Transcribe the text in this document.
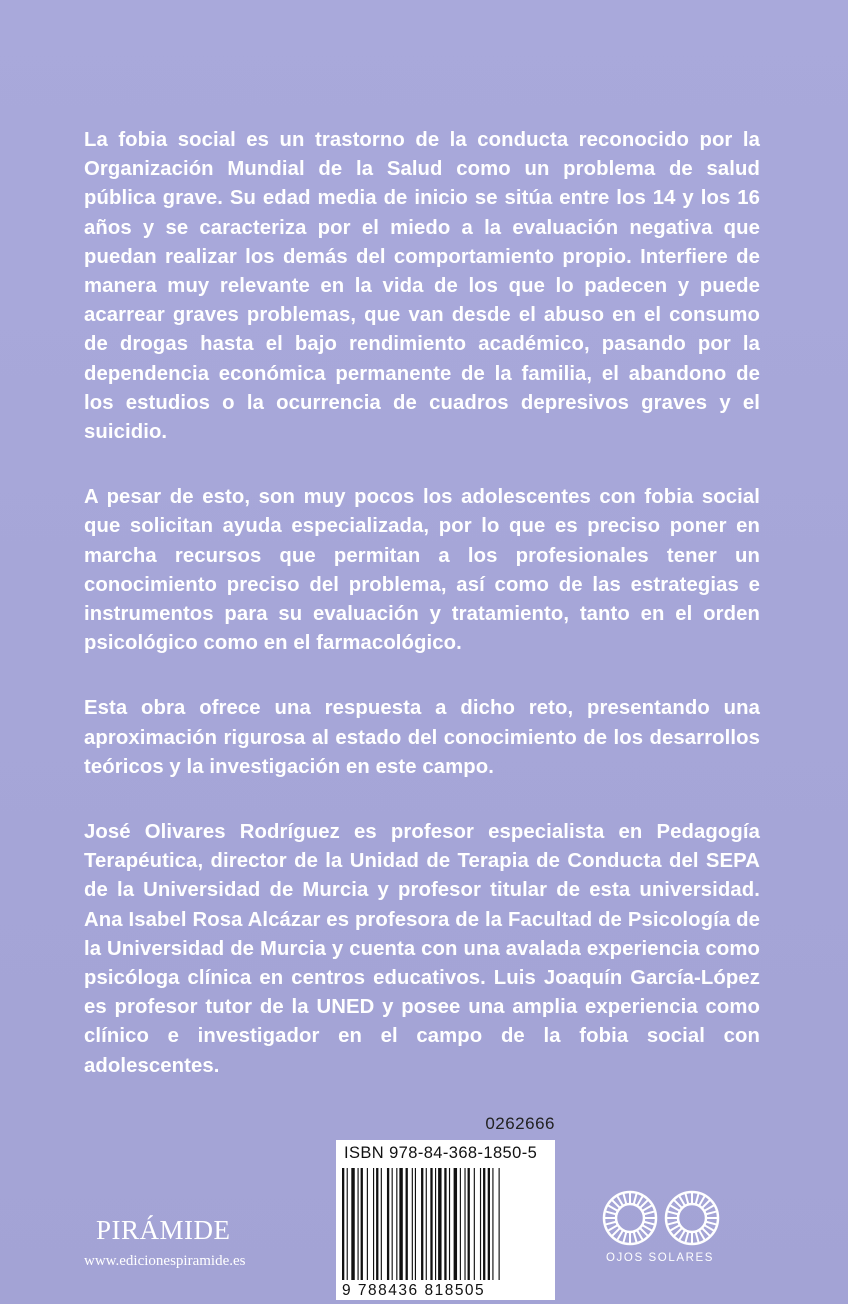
La fobia social es un trastorno de la conducta reconocido por la Organización Mundial de la Salud como un problema de salud pública grave. Su edad media de inicio se sitúa entre los 14 y los 16 años y se caracteriza por el miedo a la evaluación negativa que puedan realizar los demás del comportamiento propio. Interfiere de manera muy relevante en la vida de los que lo padecen y puede acarrear graves problemas, que van desde el abuso en el consumo de drogas hasta el bajo rendimiento académico, pasando por la dependencia económica permanente de la familia, el abandono de los estudios o la ocurrencia de cuadros depresivos graves y el suicidio.

A pesar de esto, son muy pocos los adolescentes con fobia social que solicitan ayuda especializada, por lo que es preciso poner en marcha recursos que permitan a los profesionales tener un conocimiento preciso del problema, así como de las estrategias e instrumentos para su evaluación y tratamiento, tanto en el orden psicológico como en el farmacológico.

Esta obra ofrece una respuesta a dicho reto, presentando una aproximación rigurosa al estado del conocimiento de los desarrollos teóricos y la investigación en este campo.

José Olivares Rodríguez es profesor especialista en Pedagogía Terapéutica, director de la Unidad de Terapia de Conducta del SEPA de la Universidad de Murcia y profesor titular de esta universidad. Ana Isabel Rosa Alcázar es profesora de la Facultad de Psicología de la Universidad de Murcia y cuenta con una avalada experiencia como psicóloga clínica en centros educativos. Luis Joaquín García-López es profesor tutor de la UNED y posee una amplia experiencia como clínico e investigador en el campo de la fobia social con adolescentes.

0262666
ISBN 978-84-368-1850-5
9 788436 818505
PIRÁMIDE
www.edicionespiramide.es	OJOS SOLARES
